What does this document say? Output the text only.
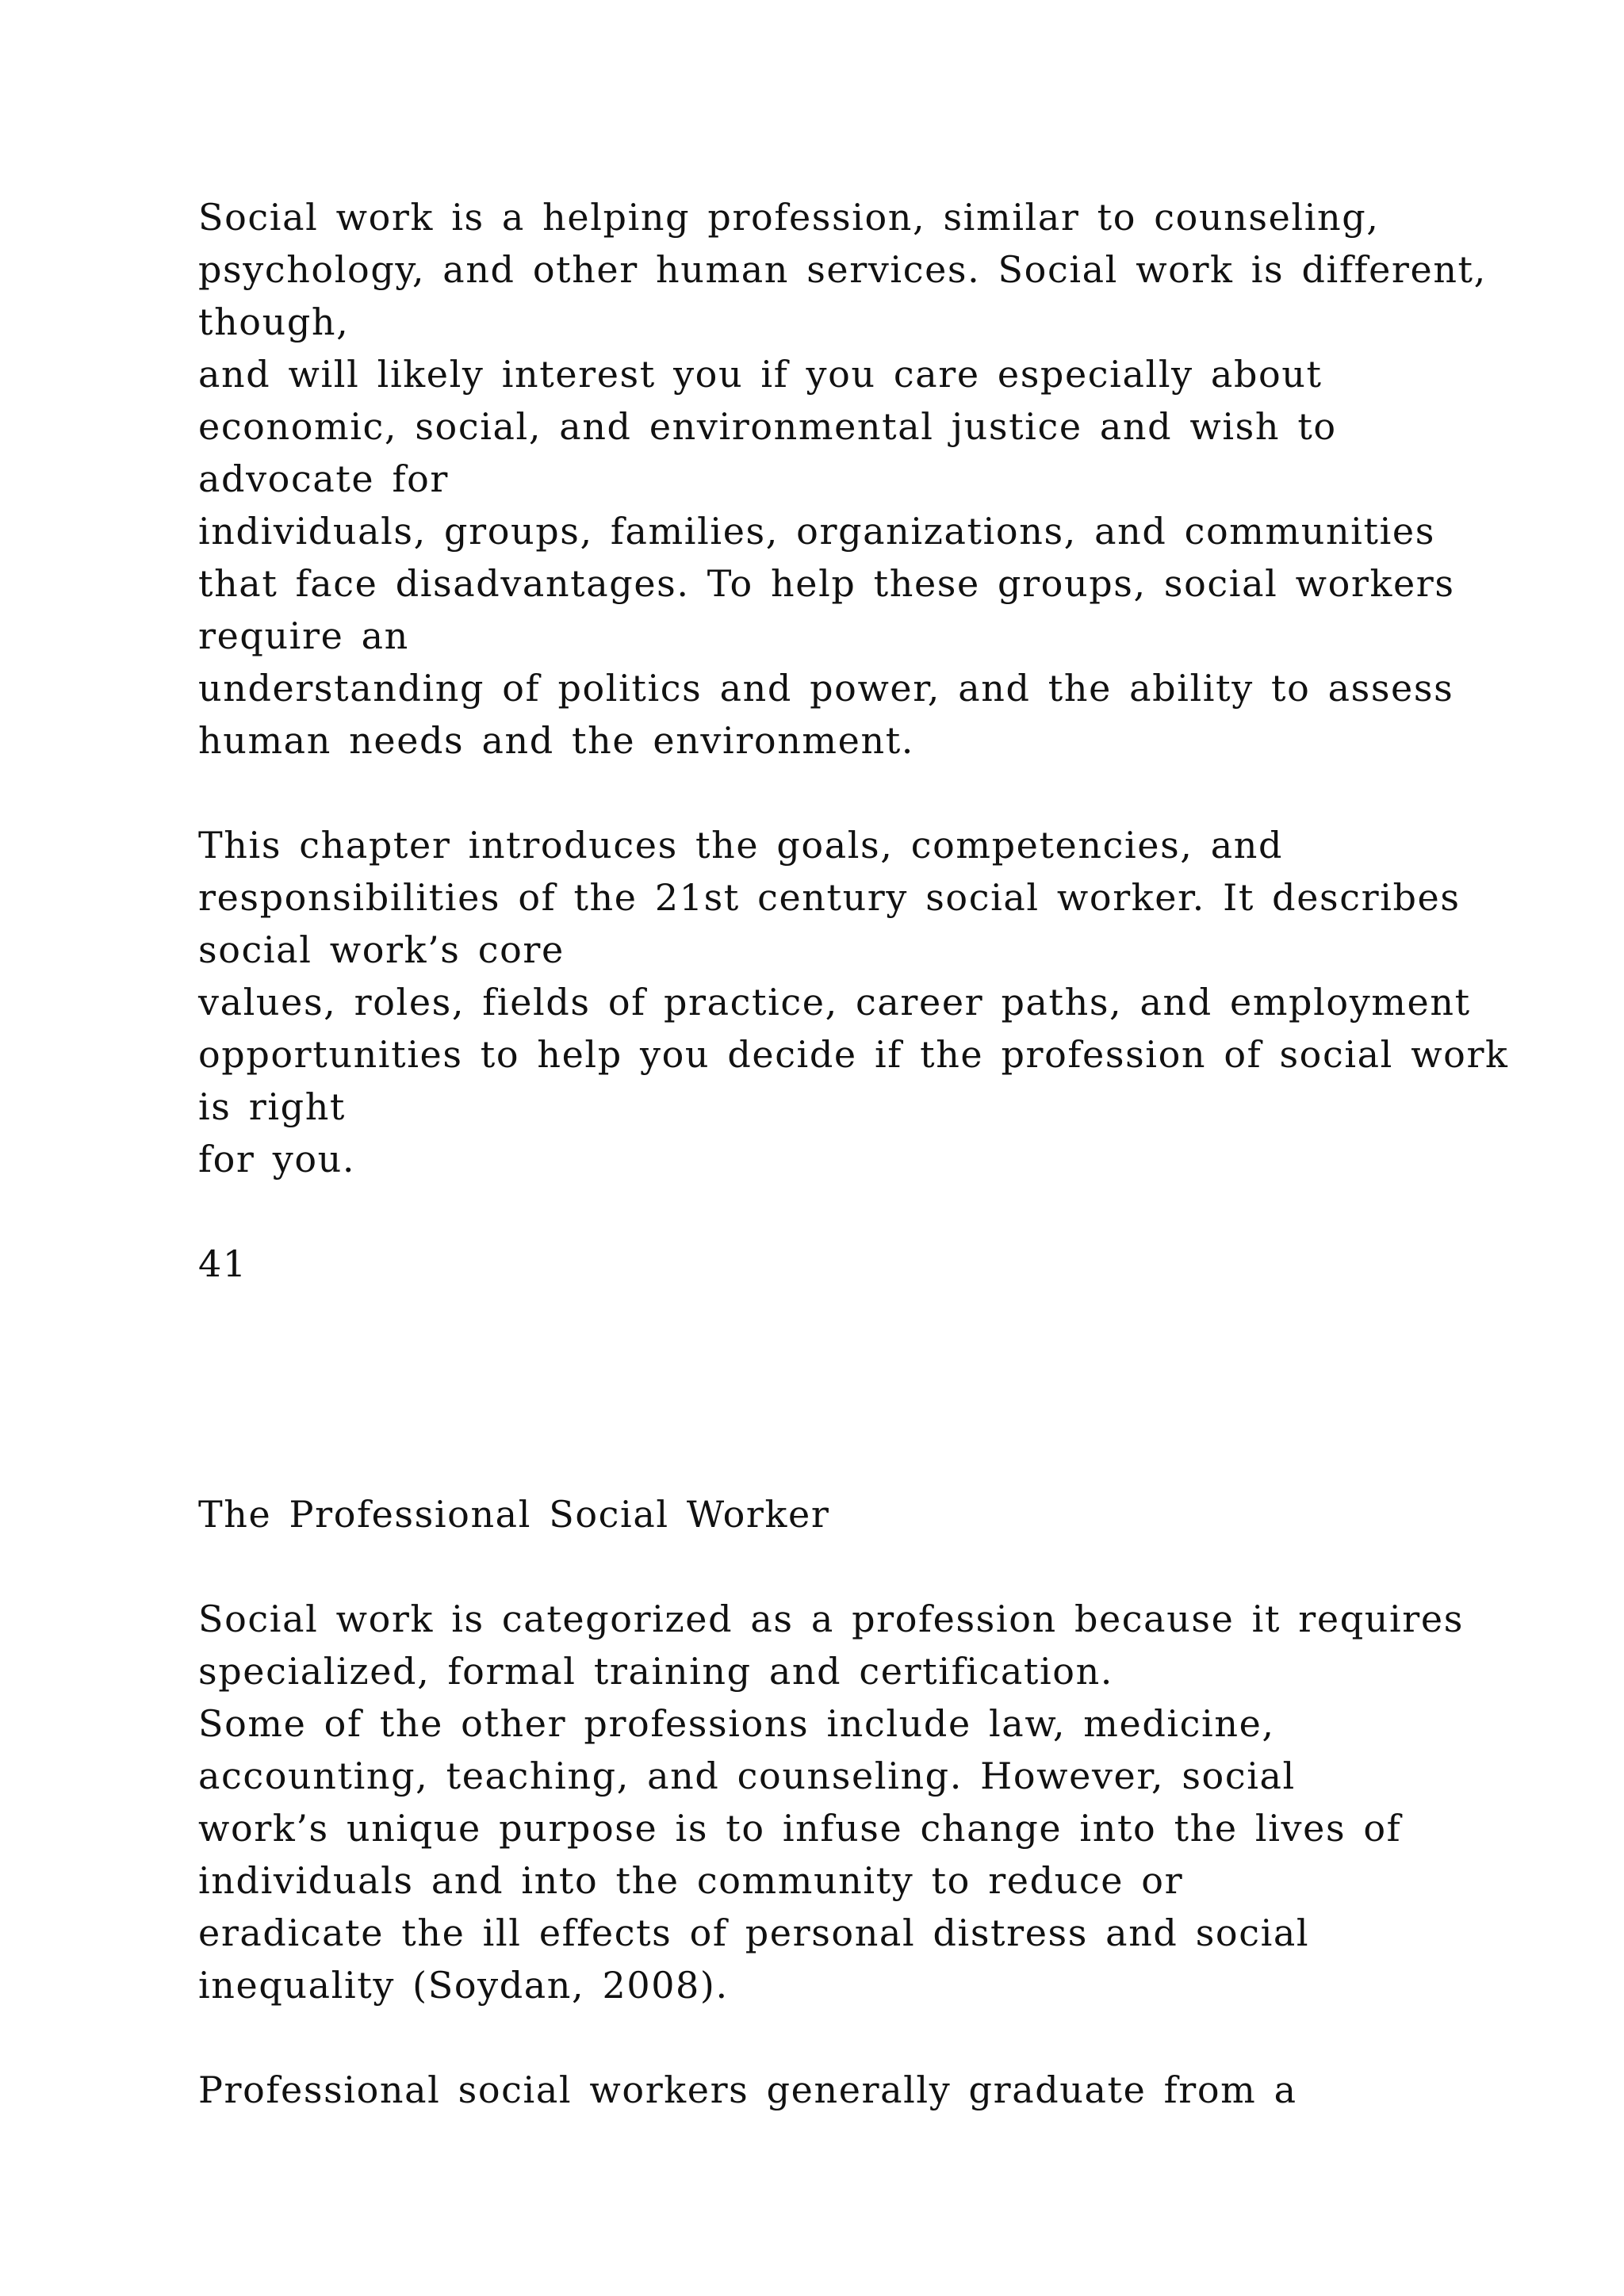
Social work is a helping profession, similar to counseling,
psychology, and other human services. Social work is different,
though,
and will likely interest you if you care especially about
economic, social, and environmental justice and wish to
advocate for
individuals, groups, families, organizations, and communities
that face disadvantages. To help these groups, social workers
require an
understanding of politics and power, and the ability to assess
human needs and the environment.
This chapter introduces the goals, competencies, and
responsibilities of the 21st century social worker. It describes
social work’s core
values, roles, fields of practice, career paths, and employment
opportunities to help you decide if the profession of social work
is right
for you.
41
The Professional Social Worker
Social work is categorized as a profession because it requires
specialized, formal training and certification.
Some of the other professions include law, medicine,
accounting, teaching, and counseling. However, social
work’s unique purpose is to infuse change into the lives of
individuals and into the community to reduce or
eradicate the ill effects of personal distress and social
inequality (Soydan, 2008).
Professional social workers generally graduate from a
